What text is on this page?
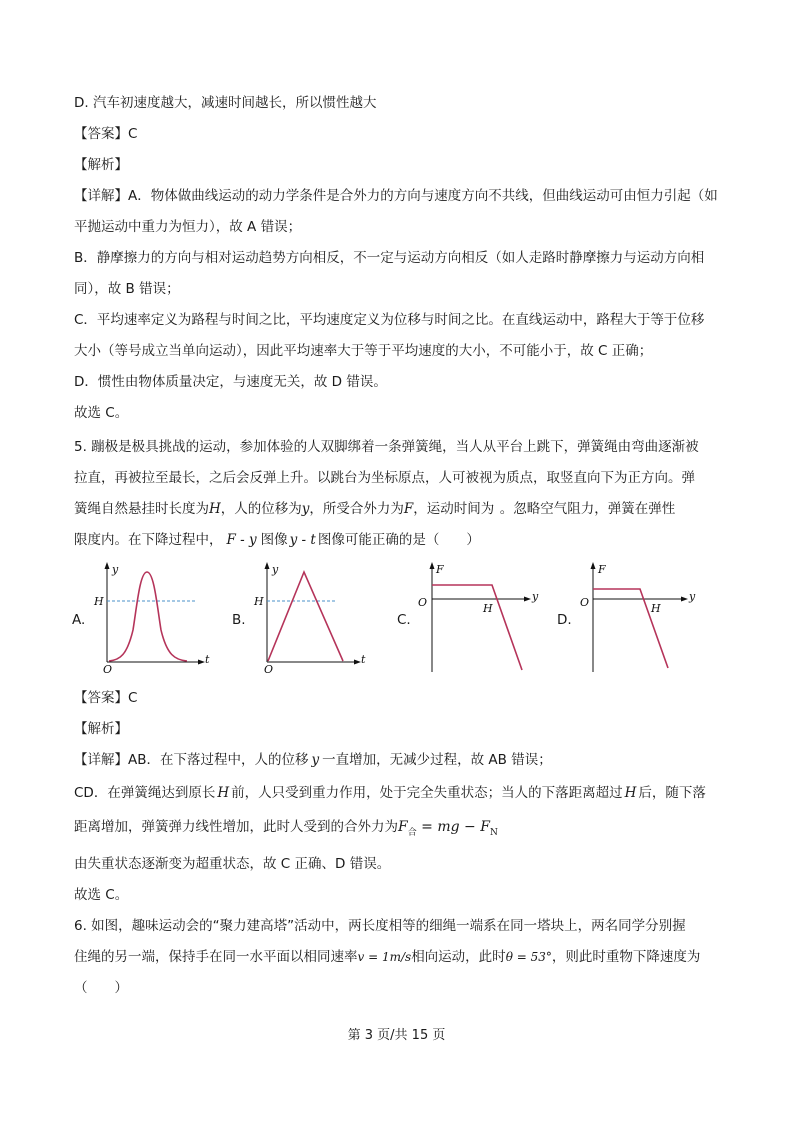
D. 汽车初速度越大，减速时间越长，所以惯性越大
【答案】C
【解析】
【详解】A．物体做曲线运动的动力学条件是合外力的方向与速度方向不共线，但曲线运动可由恒力引起（如
平抛运动中重力为恒力），故 A 错误；
B．静摩擦力的方向与相对运动趋势方向相反，不一定与运动方向相反（如人走路时静摩擦力与运动方向相
同），故 B 错误；
C．平均速率定义为路程与时间之比，平均速度定义为位移与时间之比。在直线运动中，路程大于等于位移
大小（等号成立当单向运动），因此平均速率大于等于平均速度的大小，不可能小于，故 C 正确；
D．惯性由物体质量决定，与速度无关，故 D 错误。
故选 C。
5. 蹦极是极具挑战的运动，参加体验的人双脚绑着一条弹簧绳，当人从平台上跳下，弹簧绳由弯曲逐渐被
拉直，再被拉至最长，之后会反弹上升。以跳台为坐标原点，人可被视为质点，取竖直向下为正方向。弹
簧绳自然悬挂时长度为H，人的位移为y，所受合外力为F，运动时间为 。忽略空气阻力，弹簧在弹性
限度内。在下降过程中， F - y 图像 y - t 图像可能正确的是（　　）
A.	B.	C.	D.
y
t
H
O
y
t
H
O
F
y
H
O
F
y
H
O
【答案】C
【解析】
【详解】AB．在下落过程中，人的位移 y 一直增加，无减少过程，故 AB 错误；
CD．在弹簧绳达到原长 H 前，人只受到重力作用，处于完全失重状态；当人的下落距离超过 H 后，随下落
距离增加，弹簧弹力线性增加，此时人受到的合外力为$F_合$ = mg − $F_N$
由失重状态逐渐变为超重状态，故 C 正确、D 错误。
故选 C。
6. 如图，趣味运动会的“聚力建高塔”活动中，两长度相等的细绳一端系在同一塔块上，两名同学分别握
住绳的另一端，保持手在同一水平面以相同速率v = 1m/s相向运动，此时θ = 53°，则此时重物下降速度为
（　　）
第 3 页/共 15 页
